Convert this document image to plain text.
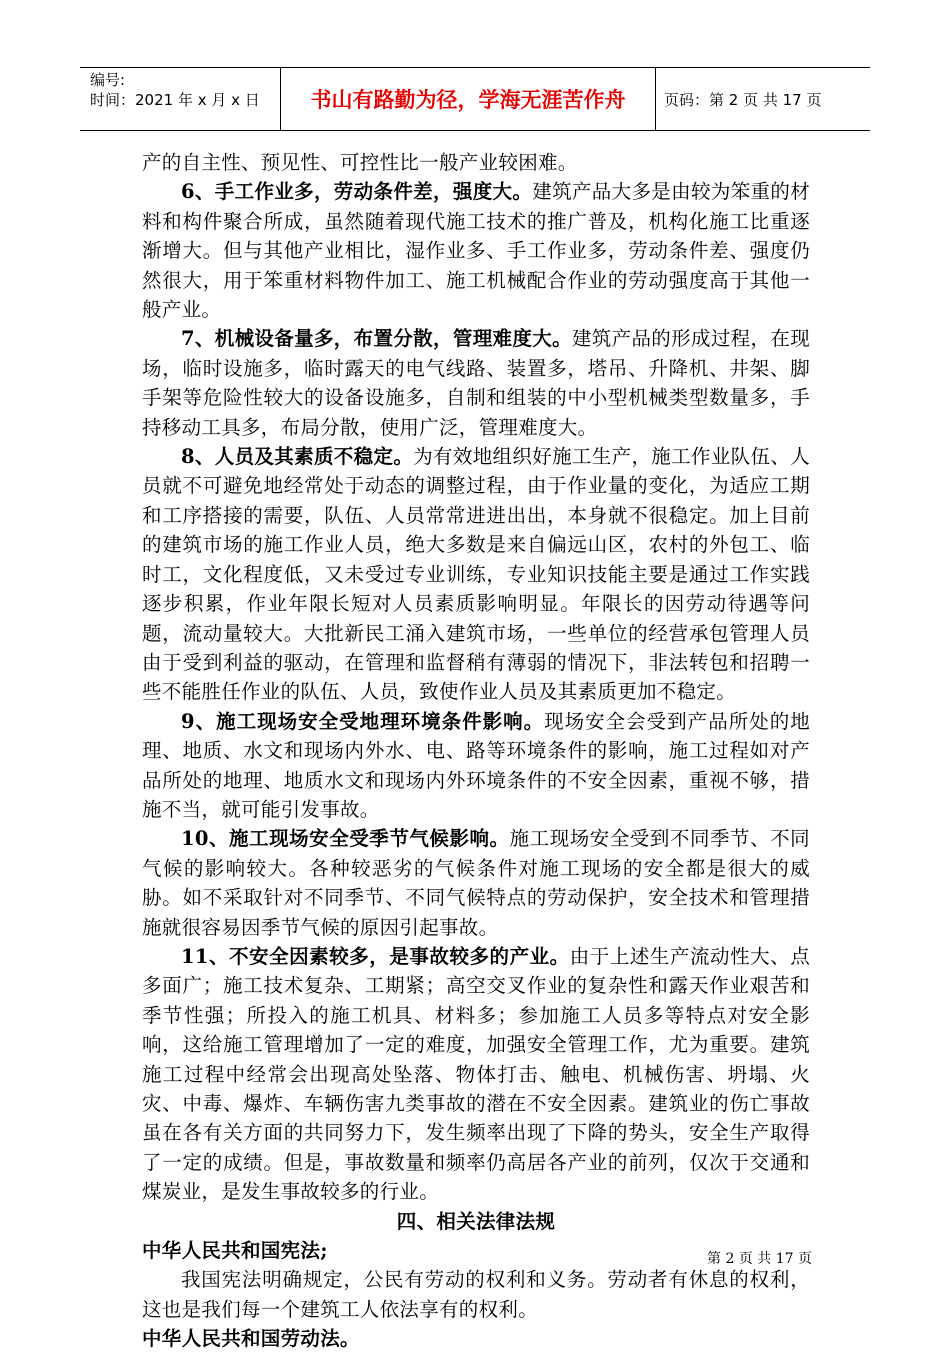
编号:
时间：2021 年 x 月 x 日	书山有路勤为径，学海无涯苦作舟	页码：第 2 页 共 17 页

产的自主性、预见性、可控性比一般产业较困难。

6、手工作业多，劳动条件差，强度大。建筑产品大多是由较为笨重的材料和构件聚合所成，虽然随着现代施工技术的推广普及，机构化施工比重逐渐增大。但与其他产业相比，湿作业多、手工作业多，劳动条件差、强度仍然很大，用于笨重材料物件加工、施工机械配合作业的劳动强度高于其他一般产业。

7、机械设备量多，布置分散，管理难度大。建筑产品的形成过程，在现场，临时设施多，临时露天的电气线路、装置多，塔吊、升降机、井架、脚手架等危险性较大的设备设施多，自制和组装的中小型机械类型数量多，手持移动工具多，布局分散，使用广泛，管理难度大。

8、人员及其素质不稳定。为有效地组织好施工生产，施工作业队伍、人员就不可避免地经常处于动态的调整过程，由于作业量的变化，为适应工期和工序搭接的需要，队伍、人员常常进进出出，本身就不很稳定。加上目前的建筑市场的施工作业人员，绝大多数是来自偏远山区，农村的外包工、临时工，文化程度低，又未受过专业训练，专业知识技能主要是通过工作实践逐步积累，作业年限长短对人员素质影响明显。年限长的因劳动待遇等问题，流动量较大。大批新民工涌入建筑市场，一些单位的经营承包管理人员由于受到利益的驱动，在管理和监督稍有薄弱的情况下，非法转包和招聘一些不能胜任作业的队伍、人员，致使作业人员及其素质更加不稳定。

9、施工现场安全受地理环境条件影响。现场安全会受到产品所处的地理、地质、水文和现场内外水、电、路等环境条件的影响，施工过程如对产品所处的地理、地质水文和现场内外环境条件的不安全因素，重视不够，措施不当，就可能引发事故。

10、施工现场安全受季节气候影响。施工现场安全受到不同季节、不同气候的影响较大。各种较恶劣的气候条件对施工现场的安全都是很大的威胁。如不采取针对不同季节、不同气候特点的劳动保护，安全技术和管理措施就很容易因季节气候的原因引起事故。

11、不安全因素较多，是事故较多的产业。由于上述生产流动性大、点多面广；施工技术复杂、工期紧；高空交叉作业的复杂性和露天作业艰苦和季节性强；所投入的施工机具、材料多；参加施工人员多等特点对安全影响，这给施工管理增加了一定的难度，加强安全管理工作，尤为重要。建筑施工过程中经常会出现高处坠落、物体打击、触电、机械伤害、坍塌、火灾、中毒、爆炸、车辆伤害九类事故的潜在不安全因素。建筑业的伤亡事故虽在各有关方面的共同努力下，发生频率出现了下降的势头，安全生产取得了一定的成绩。但是，事故数量和频率仍高居各产业的前列，仅次于交通和煤炭业，是发生事故较多的行业。

四、相关法律法规

中华人民共和国宪法;

我国宪法明确规定，公民有劳动的权利和义务。劳动者有休息的权利，这也是我们每一个建筑工人依法享有的权利。

中华人民共和国劳动法。

第 2 页 共 17 页
